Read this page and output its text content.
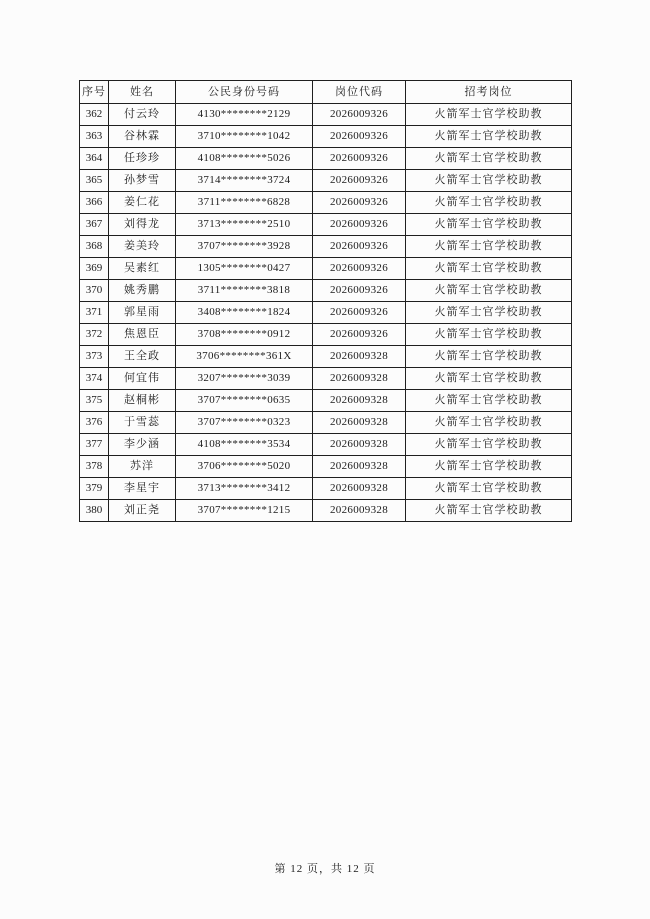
序号	姓名	公民身份号码	岗位代码	招考岗位
362	付云玲	4130********2129	2026009326	火箭军士官学校助教
363	谷林霖	3710********1042	2026009326	火箭军士官学校助教
364	任珍珍	4108********5026	2026009326	火箭军士官学校助教
365	孙梦雪	3714********3724	2026009326	火箭军士官学校助教
366	姜仁花	3711********6828	2026009326	火箭军士官学校助教
367	刘得龙	3713********2510	2026009326	火箭军士官学校助教
368	姜美玲	3707********3928	2026009326	火箭军士官学校助教
369	吴素红	1305********0427	2026009326	火箭军士官学校助教
370	姚秀鹏	3711********3818	2026009326	火箭军士官学校助教
371	郭星雨	3408********1824	2026009326	火箭军士官学校助教
372	焦恩臣	3708********0912	2026009326	火箭军士官学校助教
373	王全政	3706********361X	2026009328	火箭军士官学校助教
374	何宜伟	3207********3039	2026009328	火箭军士官学校助教
375	赵桐彬	3707********0635	2026009328	火箭军士官学校助教
376	于雪蕊	3707********0323	2026009328	火箭军士官学校助教
377	李少涵	4108********3534	2026009328	火箭军士官学校助教
378	苏洋	3706********5020	2026009328	火箭军士官学校助教
379	李星宇	3713********3412	2026009328	火箭军士官学校助教
380	刘正尧	3707********1215	2026009328	火箭军士官学校助教
第 12 页，共 12 页
